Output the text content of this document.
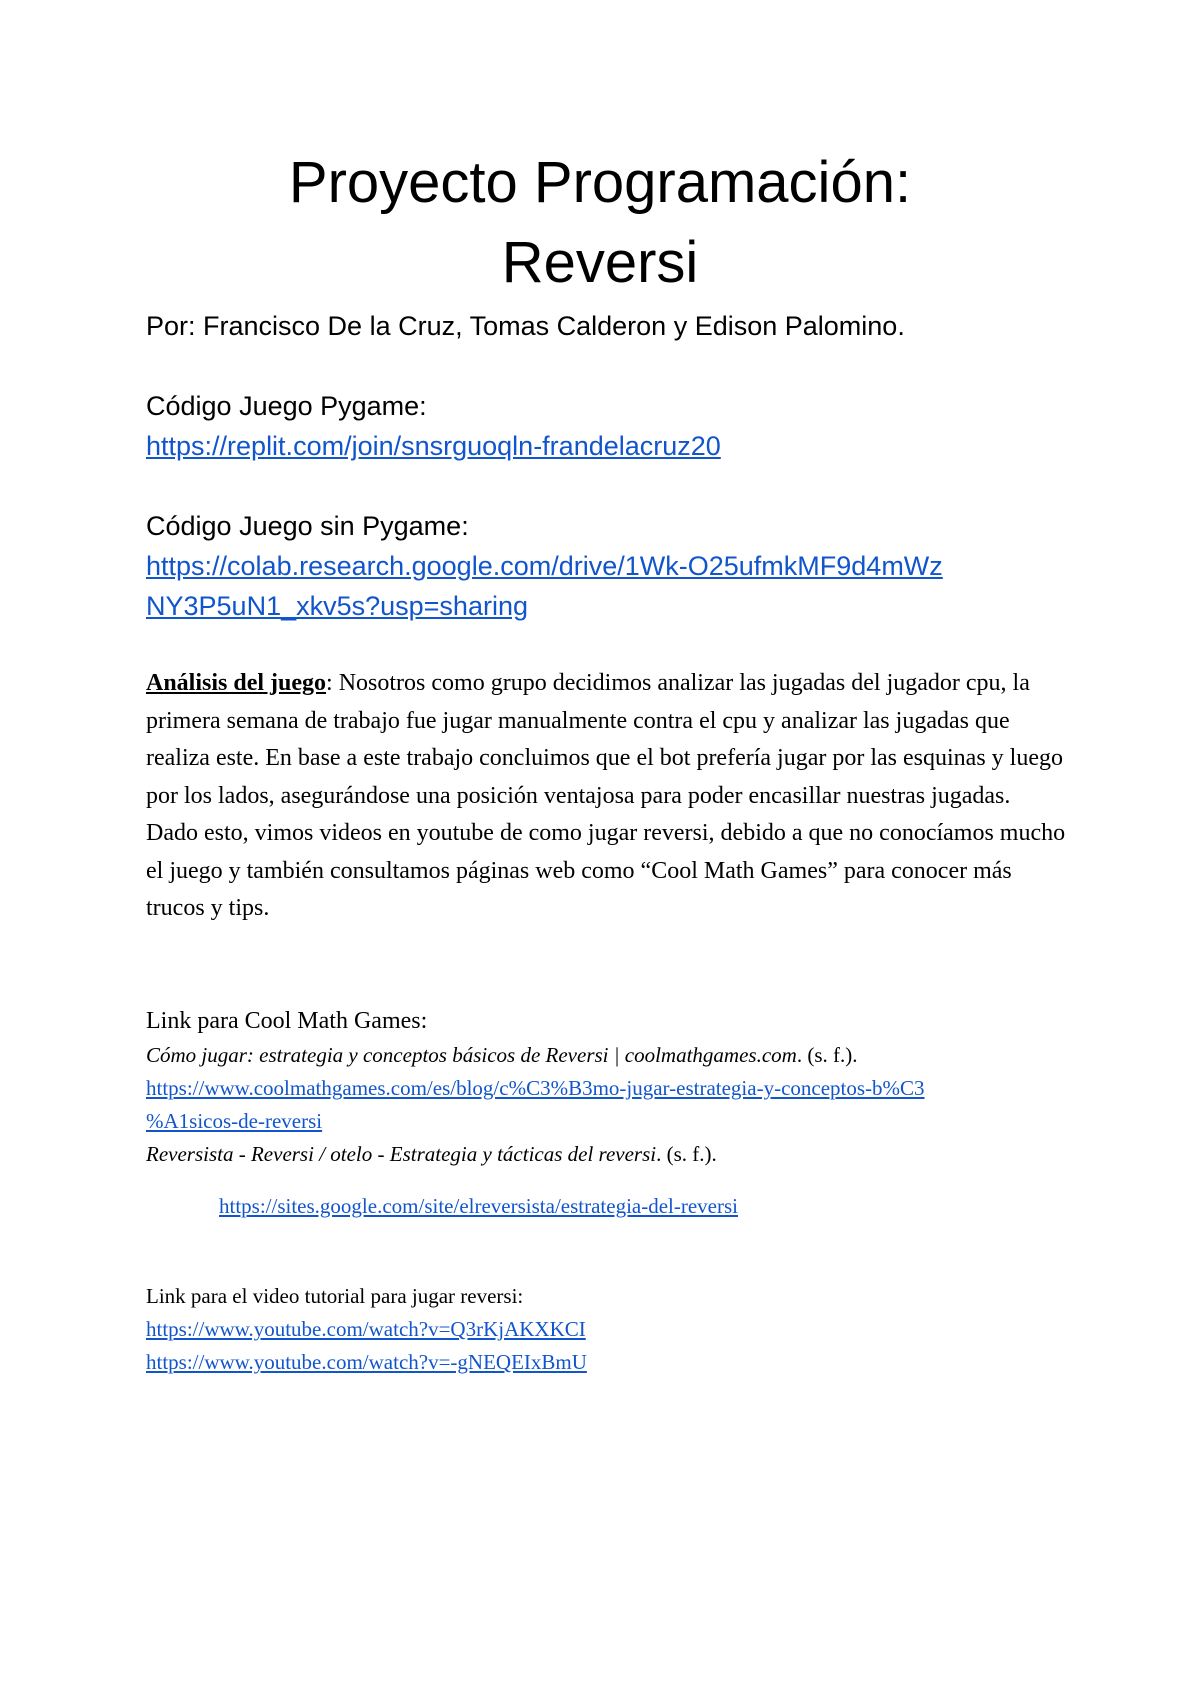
Proyecto Programación:
Reversi

Por: Francisco De la Cruz, Tomas Calderon y Edison Palomino.

Código Juego Pygame:

https://replit.com/join/snsrguoqln-frandelacruz20

Código Juego sin Pygame:

https://colab.research.google.com/drive/1Wk-O25ufmkMF9d4mWz
NY3P5uN1_xkv5s?usp=sharing

Análisis del juego: Nosotros como grupo decidimos analizar las jugadas del jugador cpu, la primera semana de trabajo fue jugar manualmente contra el cpu y analizar las jugadas que realiza este. En base a este trabajo concluimos que el bot prefería jugar por las esquinas y luego por los lados, asegurándose una posición ventajosa para poder encasillar nuestras jugadas. Dado esto, vimos videos en youtube de como jugar reversi, debido a que no conocíamos mucho el juego y también consultamos páginas web como “Cool Math Games” para conocer más trucos y tips.

Link para Cool Math Games:

Cómo jugar: estrategia y conceptos básicos de Reversi | coolmathgames.com. (s. f.).
https://www.coolmathgames.com/es/blog/c%C3%B3mo-jugar-estrategia-y-conceptos-b%C3
%A1sicos-de-reversi
Reversista - Reversi / otelo - Estrategia y tácticas del reversi. (s. f.).

https://sites.google.com/site/elreversista/estrategia-del-reversi

Link para el video tutorial para jugar reversi:

https://www.youtube.com/watch?v=Q3rKjAKXKCI

https://www.youtube.com/watch?v=-gNEQEIxBmU
